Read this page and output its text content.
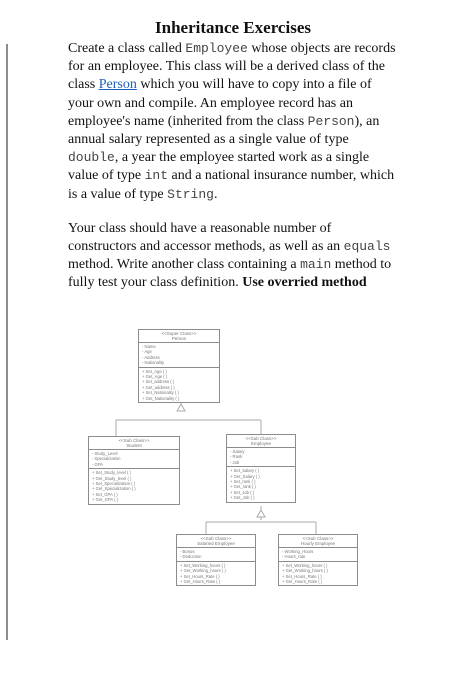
Inheritance Exercises

Create a class called Employee whose objects are records for an employee. This class will be a derived class of the class Person which you will have to copy into a file of your own and compile. An employee record has an employee's name (inherited from the class Person), an annual salary represented as a single value of type double, a year the employee started work as a single value of type int and a national insurance number, which is a value of type String.

Your class should have a reasonable number of constructors and accessor methods, as well as an equals method. Write another class containing a main method to fully test your class definition. Use overried method

<<Super Class>>
Person
- Name
- Age
- Address
- Nationality
+ Set_Age ( )
+ Get_Age ( )
+ Set_address ( )
+ Get_address ( )
+ Set_Nationality ( )
+ Get_Nationality ( )
<<Sub Class>>
Student
- Study_Level
- Specialization
- GPA
+ Set_Study_level ( )
+ Get_Study_level ( )
+ Set_Specialization ( )
+ Get_Specialization ( )
+ Set_GPA ( )
+ Get_GPA ( )
<<Sub Class>>
Employee
- Salary
- Rank
- Job
+ Set_Salary ( )
+ Get_Salary ( )
+ Set_rank ( )
+ Get_rank ( )
+ Set_Job ( )
+ Get_Job ( )
<<Sub Class>>
Salaried Employee
- Bonus
- Deduction
+ Set_Working_hours ( )
+ Get_Working_hours ( )
+ Set_Hours_Rate ( )
+ Get_Hours_Rate ( )
<<Sub Class>>
Hourly Employee
- Working_Hours
- Hours_rate
+ Set_Working_hours ( )
+ Get_Working_hours ( )
+ Set_Hours_Rate ( )
+ Get_Hours_Rate ( )
